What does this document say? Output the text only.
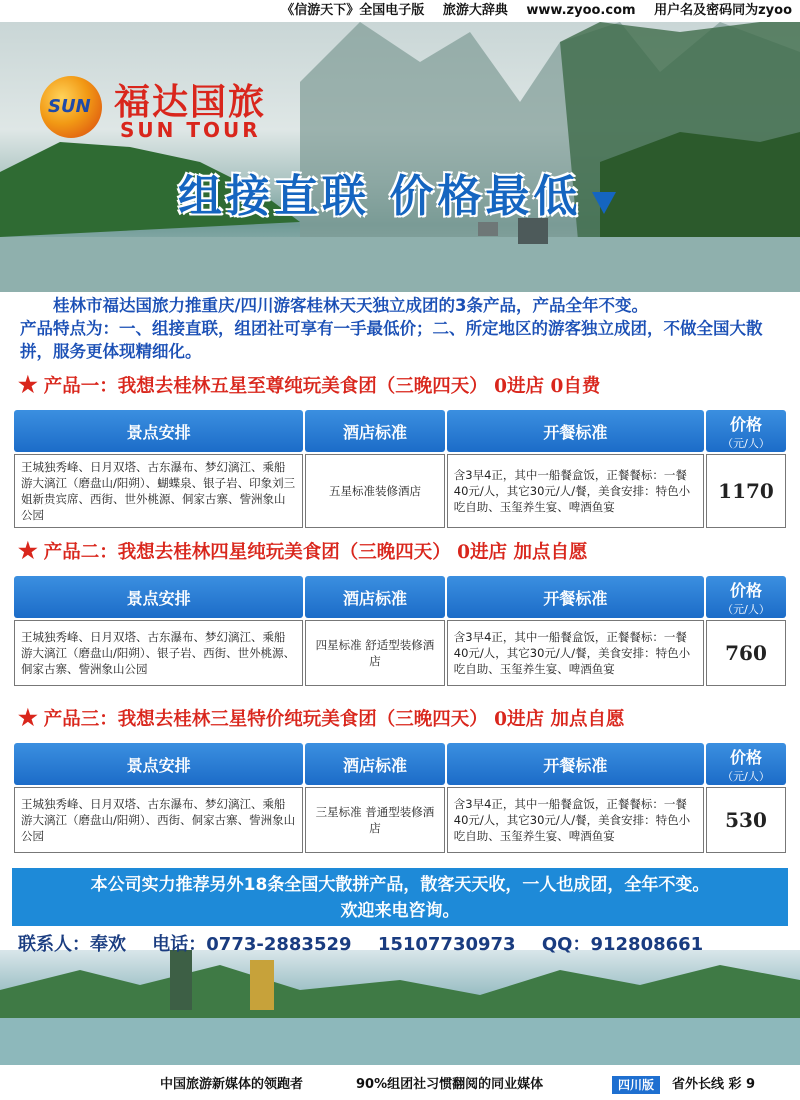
《信游天下》全国电子版 旅游大辞典 www.zyoo.com 用户名及密码同为zyoo
SUN 福达国旅
SUN TOUR
组接直联 价格最低

桂林市福达国旅力推重庆/四川游客桂林天天独立成团的3条产品，产品全年不变。

产品特点为：一、组接直联，组团社可享有一手最低价；二、所定地区的游客独立成团，不做全国大散拼，服务更体现精细化。
★ 产品一：我想去桂林五星至尊纯玩美食团（三晚四天） 0进店 0自费
景点安排	酒店标准	开餐标准	价格
（元/人）

王城独秀峰、日月双塔、古东瀑布、梦幻漓江、乘船游大漓江（磨盘山/阳朔）、蝴蝶泉、银子岩、印象刘三姐新贵宾席、西街、世外桃源、侗家古寨、訾洲象山公园	五星标准装修酒店	含3早4正，其中一船餐盒饭，正餐餐标：一餐40元/人，其它30元/人/餐，美食安排：特色小吃自助、玉玺养生宴、啤酒鱼宴	1170
★ 产品二：我想去桂林四星纯玩美食团（三晚四天） 0进店 加点自愿
景点安排	酒店标准	开餐标准	价格
（元/人）

王城独秀峰、日月双塔、古东瀑布、梦幻漓江、乘船游大漓江（磨盘山/阳朔）、银子岩、西街、世外桃源、侗家古寨、訾洲象山公园	四星标准 舒适型装修酒店	含3早4正，其中一船餐盒饭，正餐餐标：一餐40元/人，其它30元/人/餐，美食安排：特色小吃自助、玉玺养生宴、啤酒鱼宴	760
★ 产品三：我想去桂林三星特价纯玩美食团（三晚四天） 0进店 加点自愿
景点安排	酒店标准	开餐标准	价格
（元/人）

王城独秀峰、日月双塔、古东瀑布、梦幻漓江、乘船游大漓江（磨盘山/阳朔）、西街、侗家古寨、訾洲象山公园	三星标准 普通型装修酒店	含3早4正，其中一船餐盒饭，正餐餐标：一餐40元/人，其它30元/人/餐，美食安排：特色小吃自助、玉玺养生宴、啤酒鱼宴	530
本公司实力推荐另外18条全国大散拼产品，散客天天收，一人也成团，全年不变。
欢迎来电咨询。
联系人：奉欢 电话：0773-2883529 15107730973 QQ：912808661
中国旅游新媒体的领跑者	90%组团社习惯翻阅的同业媒体	四川版	省外长线 彩 9
